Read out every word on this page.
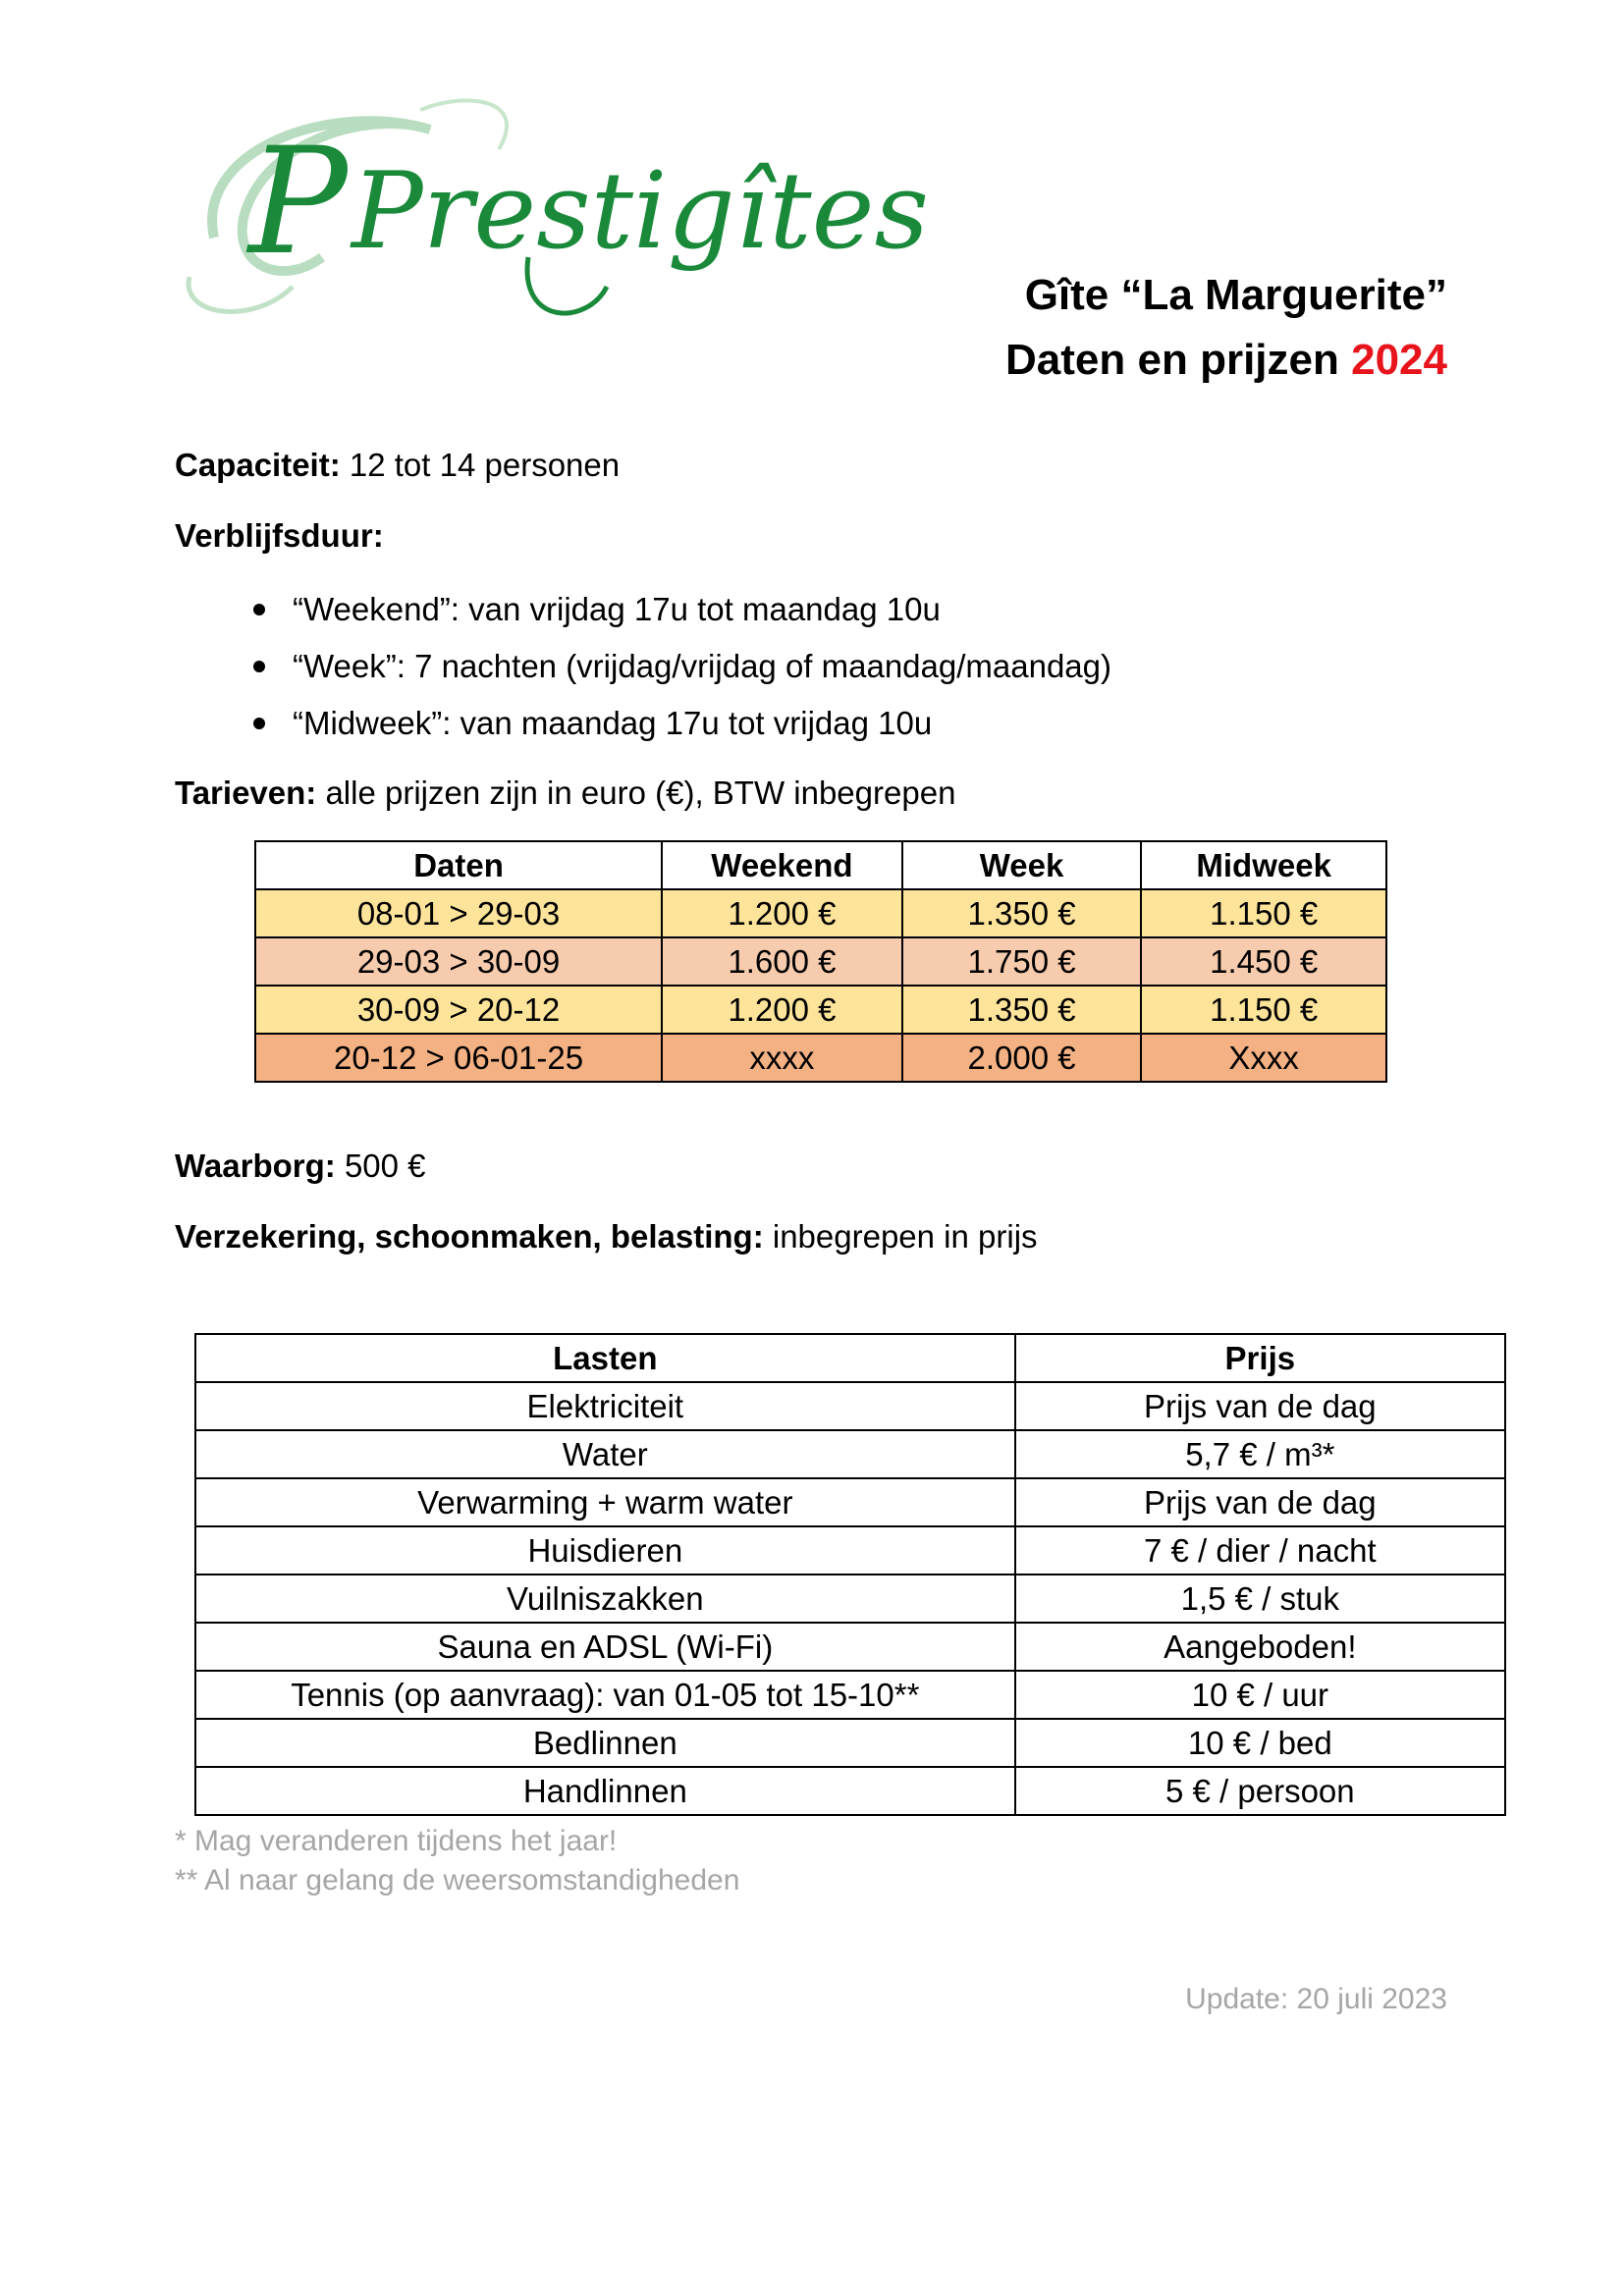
P Prestigîtes
Gîte “La Marguerite”
Daten en prijzen 2024
Capaciteit: 12 tot 14 personen
Verblijfsduur:
“Weekend”: van vrijdag 17u tot maandag 10u
“Week”: 7 nachten (vrijdag/vrijdag of maandag/maandag)
“Midweek”: van maandag 17u tot vrijdag 10u
Tarieven: alle prijzen zijn in euro (€), BTW inbegrepen
Daten	Weekend	Week	Midweek
08-01 > 29-03	1.200 €	1.350 €	1.150 €
29-03 > 30-09	1.600 €	1.750 €	1.450 €
30-09 > 20-12	1.200 €	1.350 €	1.150 €
20-12 > 06-01-25	xxxx	2.000 €	Xxxx
Waarborg: 500 €
Verzekering, schoonmaken, belasting: inbegrepen in prijs
Lasten	Prijs
Elektriciteit	Prijs van de dag
Water	5,7 € / m³*
Verwarming + warm water	Prijs van de dag
Huisdieren	7 € / dier / nacht
Vuilniszakken	1,5 € / stuk
Sauna en ADSL (Wi-Fi)	Aangeboden!
Tennis (op aanvraag): van 01-05 tot 15-10**	10 € / uur
Bedlinnen	10 € / bed
Handlinnen	5 € / persoon
* Mag veranderen tijdens het jaar!
** Al naar gelang de weersomstandigheden
Update: 20 juli 2023
